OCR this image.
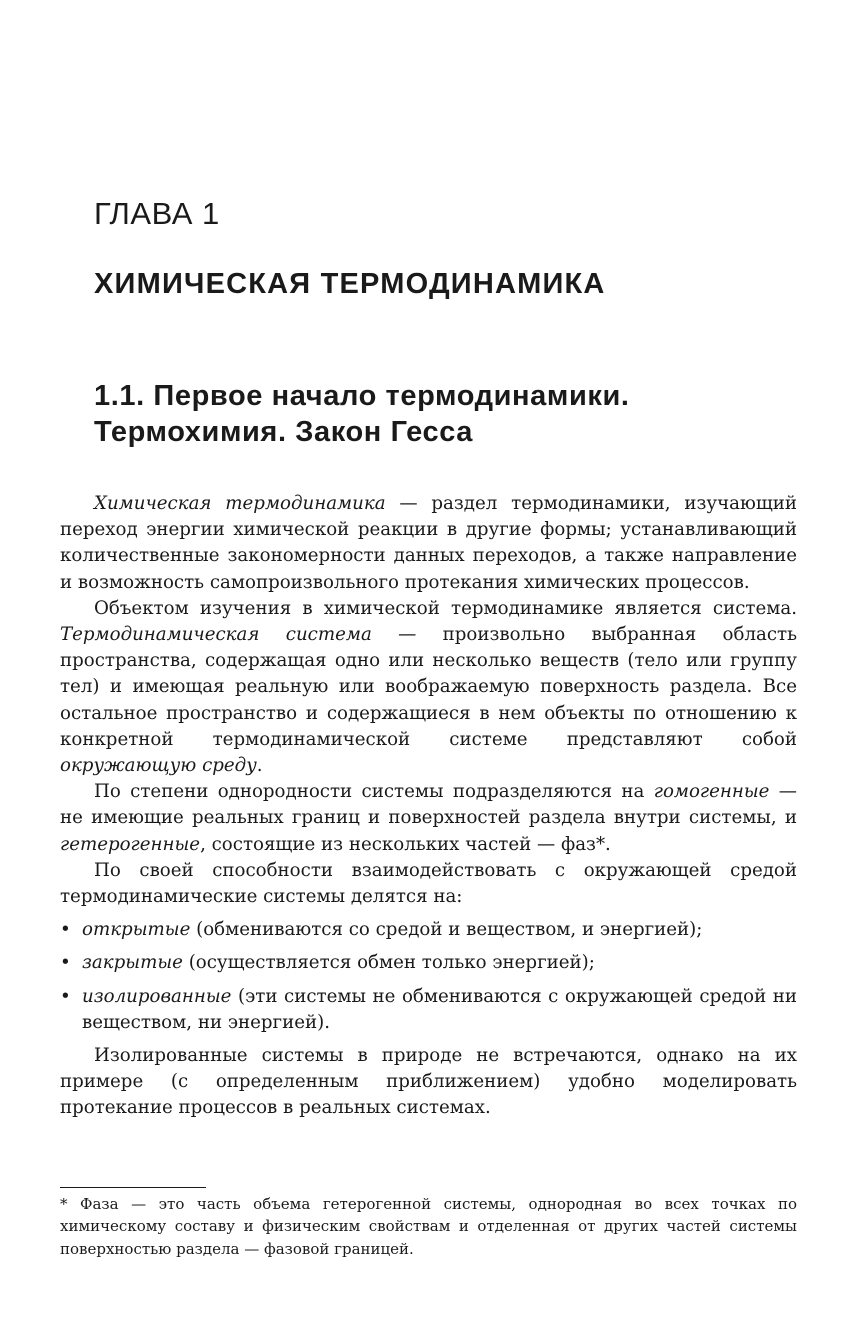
ГЛАВА 1
ХИМИЧЕСКАЯ ТЕРМОДИНАМИКА
1.1. Первое начало термодинамики.
Термохимия. Закон Гесса

Химическая термодинамика — раздел термодинамики, изучающий переход энергии химической реакции в другие формы; устанавливающий количественные закономерности данных переходов, а также направление и возможность самопроизвольного протекания химических процессов.

Объектом изучения в химической термодинамике является система. Термодинамическая система — произвольно выбранная область пространства, содержащая одно или несколько веществ (тело или группу тел) и имеющая реальную или воображаемую поверхность раздела. Все остальное пространство и содержащиеся в нем объекты по отношению к конкретной термодинамической системе представляют собой окружающую среду.

По степени однородности системы подразделяются на гомогенные — не имеющие реальных границ и поверхностей раздела внутри системы, и гетерогенные, состоящие из нескольких частей — фаз*.

По своей способности взаимодействовать с окружающей средой термодинамические системы делятся на:

• открытые (обмениваются со средой и веществом, и энергией);
• закрытые (осуществляется обмен только энергией);
• изолированные (эти системы не обмениваются с окружающей средой ни веществом, ни энергией).

Изолированные системы в природе не встречаются, однако на их примере (с определенным приближением) удобно моделировать протекание процессов в реальных системах.

* Фаза — это часть объема гетерогенной системы, однородная во всех точках по химическому составу и физическим свойствам и отделенная от других частей системы поверхностью раздела — фазовой границей.
